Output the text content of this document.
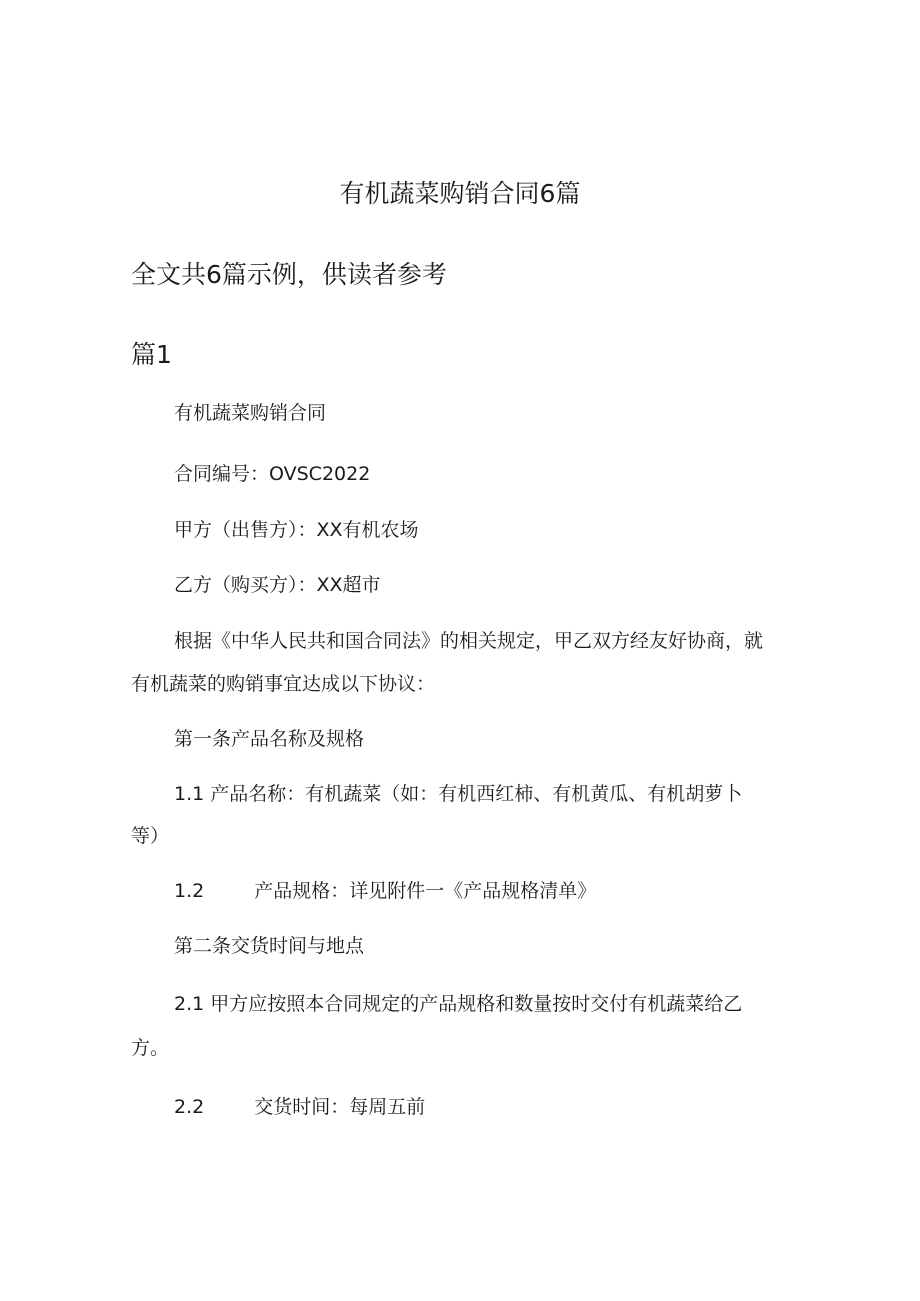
有机蔬菜购销合同6篇
全文共6篇示例，供读者参考
篇1
有机蔬菜购销合同
合同编号：OVSC2022
甲方（出售方）：XX有机农场
乙方（购买方）：XX超市
根据《中华人民共和国合同法》的相关规定，甲乙双方经友好协商，就
有机蔬菜的购销事宜达成以下协议：
第一条产品名称及规格
1.1 产品名称：有机蔬菜（如：有机西红柿、有机黄瓜、有机胡萝卜
等）
1.2	产品规格：详见附件一《产品规格清单》
第二条交货时间与地点
2.1 甲方应按照本合同规定的产品规格和数量按时交付有机蔬菜给乙
方。
2.2	交货时间：每周五前
